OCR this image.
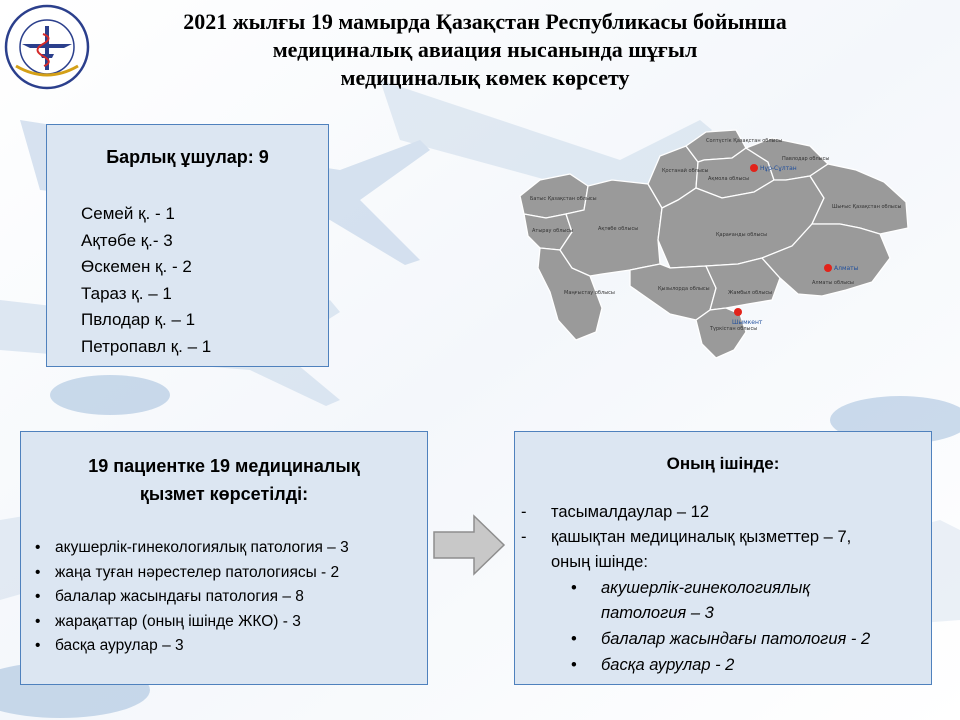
2021 жылғы 19 мамырда Қазақстан Республикасы бойынша
медициналық авиация нысанында шұғыл
медициналық көмек көрсету
Барлық ұшулар: 9
Семей қ. - 1
Ақтөбе қ.- 3
Өскемен қ. - 2
Тараз қ. – 1
Пвлодар қ. – 1
Петропавл қ. – 1
Солтүстік Қазақстан облысы
Павлодар облысы
Қостанай облысы
Ақмола облысы
Батыс Қазақстан облысы
Атырау облысы	Ақтөбе облысы
Қарағанды облысы
Шығыс Қазақстан облысы
Маңғыстау облысы
Қызылорда облысы
Жамбыл облысы
Алматы облысы
Түркістан облысы
Нұр-Сұлтан
Алматы
Шымкент
19 пациентке 19 медициналық
қызмет көрсетілді:
• акушерлік-гинекологиялық патология – 3
• жаңа туған нәрестелер патологиясы - 2
• балалар жасындағы патология – 8
• жарақаттар (оның ішінде ЖКО) - 3
• басқа аурулар – 3
Оның ішінде:
- тасымалдаулар – 12
- қашықтан медициналық қызметтер – 7,
оның ішінде:
• акушерлік-гинекологиялық
патология – 3
• балалар жасындағы патология - 2
• басқа аурулар - 2
